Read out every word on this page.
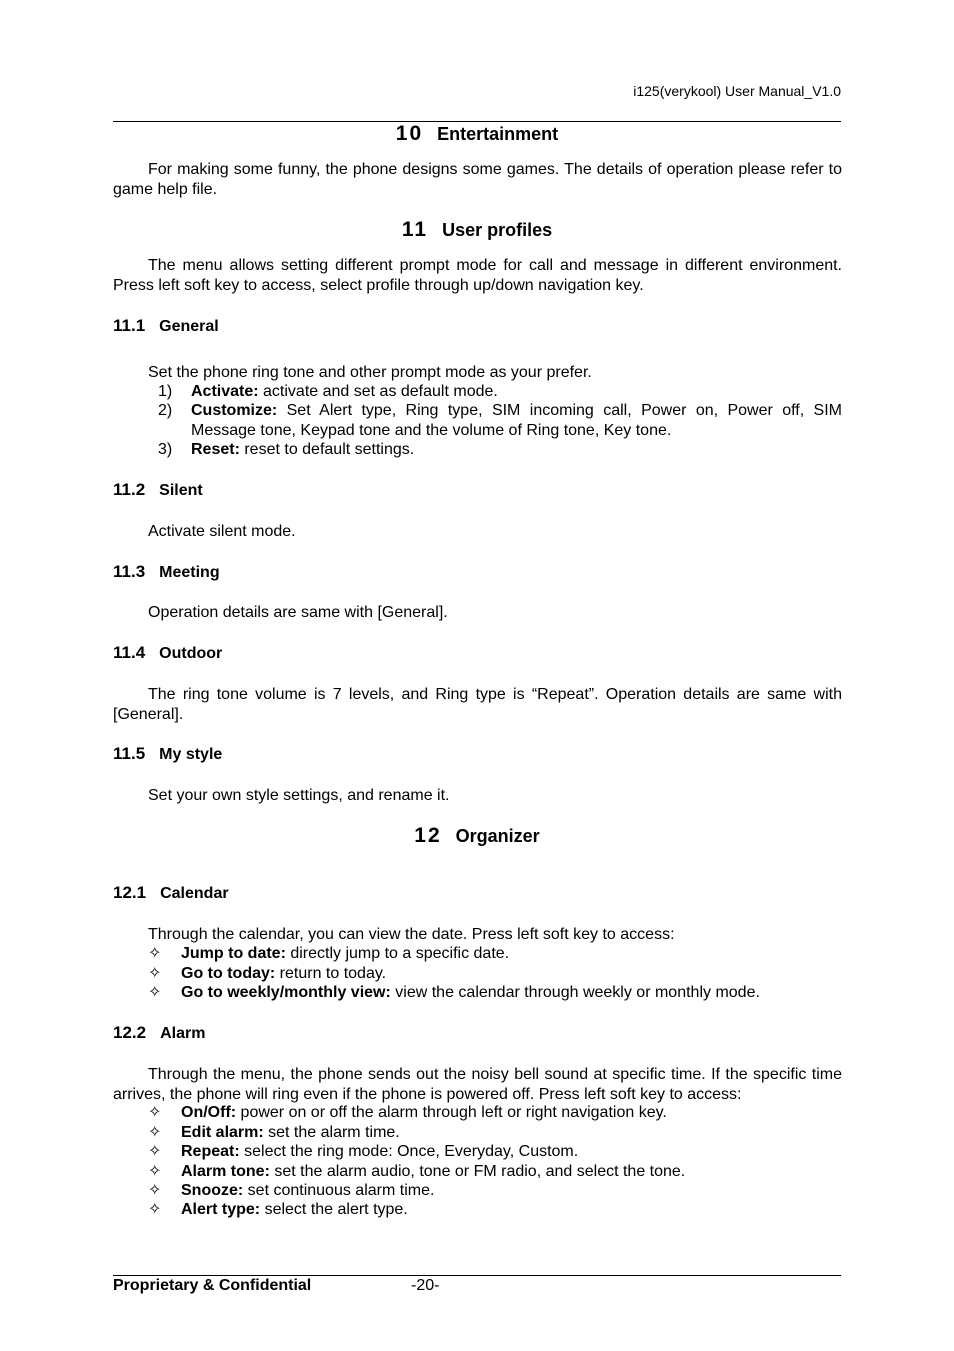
i125(verykool) User Manual_V1.0
10 Entertainment
For making some funny, the phone designs some games. The details of operation please refer to game help file.
11 User profiles
The menu allows setting different prompt mode for call and message in different environment. Press left soft key to access, select profile through up/down navigation key.
11.1 General
Set the phone ring tone and other prompt mode as your prefer.
1) Activate: activate and set as default mode.
2) Customize: Set Alert type, Ring type, SIM incoming call, Power on, Power off, SIM Message tone, Keypad tone and the volume of Ring tone, Key tone.
3) Reset: reset to default settings.
11.2 Silent
Activate silent mode.
11.3 Meeting
Operation details are same with [General].
11.4 Outdoor
The ring tone volume is 7 levels, and Ring type is “Repeat”. Operation details are same with [General].
11.5 My style
Set your own style settings, and rename it.
12 Organizer
12.1 Calendar
Through the calendar, you can view the date. Press left soft key to access:
✧ Jump to date: directly jump to a specific date.
✧ Go to today: return to today.
✧ Go to weekly/monthly view: view the calendar through weekly or monthly mode.
12.2 Alarm
Through the menu, the phone sends out the noisy bell sound at specific time. If the specific time arrives, the phone will ring even if the phone is powered off. Press left soft key to access:
✧ On/Off: power on or off the alarm through left or right navigation key.
✧ Edit alarm: set the alarm time.
✧ Repeat: select the ring mode: Once, Everyday, Custom.
✧ Alarm tone: set the alarm audio, tone or FM radio, and select the tone.
✧ Snooze: set continuous alarm time.
✧ Alert type: select the alert type.
Proprietary & Confidential	-20-
